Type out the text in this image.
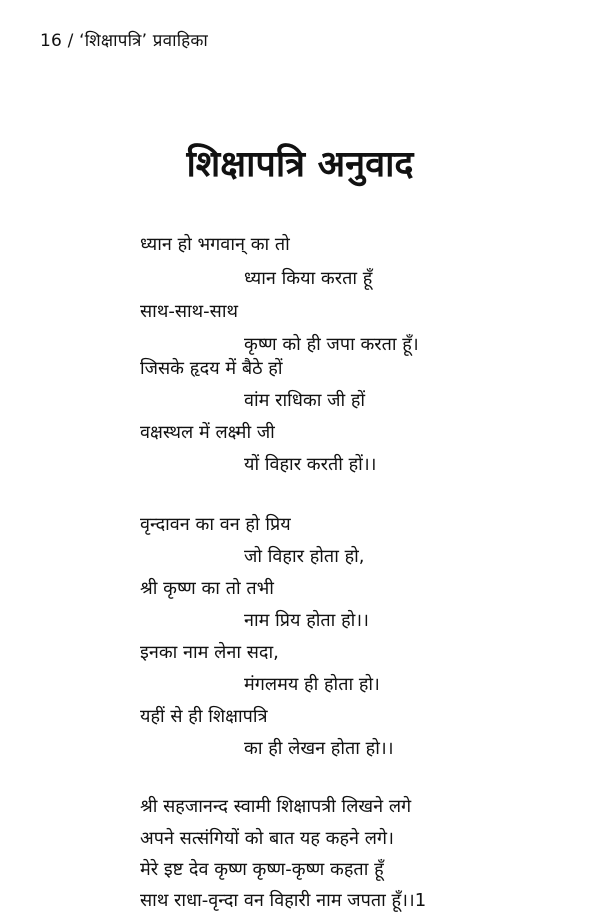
16 / ‘शिक्षापत्रि’ प्रवाहिका
शिक्षापत्रि अनुवाद
ध्यान हो भगवान् का तो
ध्यान किया करता हूँ
साथ-साथ-साथ
कृष्ण को ही जपा करता हूँ।
जिसके हृदय में बैठे हों
वांम राधिका जी हों
वक्षस्थल में लक्ष्मी जी
यों विहार करती हों।।
वृन्दावन का वन हो प्रिय
जो विहार होता हो,
श्री कृष्ण का तो तभी
नाम प्रिय होता हो।।
इनका नाम लेना सदा,
मंगलमय ही होता हो।
यहीं से ही शिक्षापत्रि
का ही लेखन होता हो।।
श्री सहजानन्द स्वामी शिक्षापत्री लिखने लगे
अपने सत्संगियों को बात यह कहने लगे।
मेरे इष्ट देव कृष्ण कृष्ण-कृष्ण कहता हूँ
साथ राधा-वृन्दा वन विहारी नाम जपता हूँ।।1
